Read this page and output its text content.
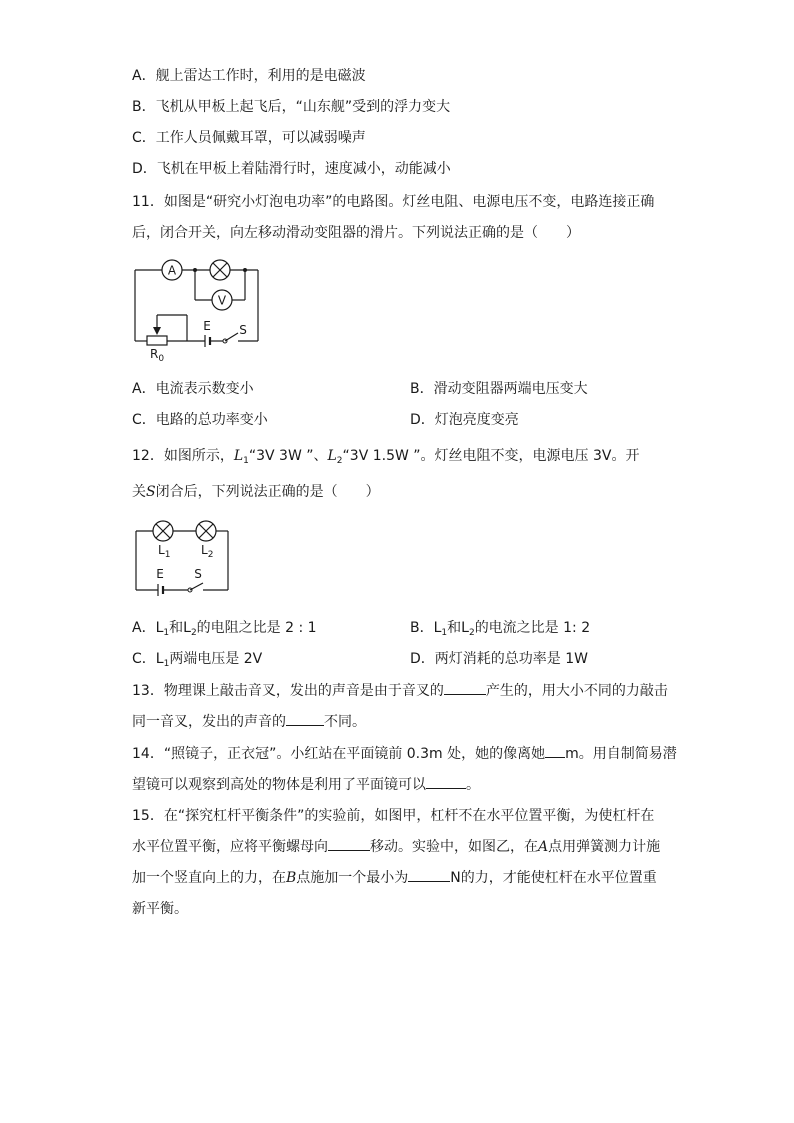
A．舰上雷达工作时，利用的是电磁波
B．飞机从甲板上起飞后，“山东舰”受到的浮力变大
C．工作人员佩戴耳罩，可以减弱噪声
D．飞机在甲板上着陆滑行时，速度减小，动能减小
11．如图是“研究小灯泡电功率”的电路图。灯丝电阻、电源电压不变，电路连接正确
后，闭合开关，向左移动滑动变阻器的滑片。下列说法正确的是（　　）
A
V
E S
$R_0$
A．电流表示数变小	B．滑动变阻器两端电压变大
C．电路的总功率变小	D．灯泡亮度变亮
12．如图所示，$L_1“3V$ 3W ”、$L_2“3V$ 1.5W ”。灯丝电阻不变，电源电压 3V。开
关S闭合后，下列说法正确的是（　　）
$L_1$	$L_2$
E	S
A．$L_1$和$L_2$的电阻之比是 2 : 1	B．$L_1$和$L_2$的电流之比是 1: 2
C．$L_1$两端电压是 2V	D．两灯消耗的总功率是 1W
13．物理课上敲击音叉，发出的声音是由于音叉的	产生的，用大小不同的力敲击
同一音叉，发出的声音的	不同。
14．“照镜子，正衣冠”。小红站在平面镜前 0.3m 处，她的像离她 m。用自制简易潜
望镜可以观察到高处的物体是利用了平面镜可以	。
15．在“探究杠杆平衡条件”的实验前，如图甲，杠杆不在水平位置平衡，为使杠杆在
水平位置平衡，应将平衡螺母向	移动。实验中，如图乙，在A点用弹簧测力计施
加一个竖直向上的力，在B点施加一个最小为	N的力，才能使杠杆在水平位置重
新平衡。
